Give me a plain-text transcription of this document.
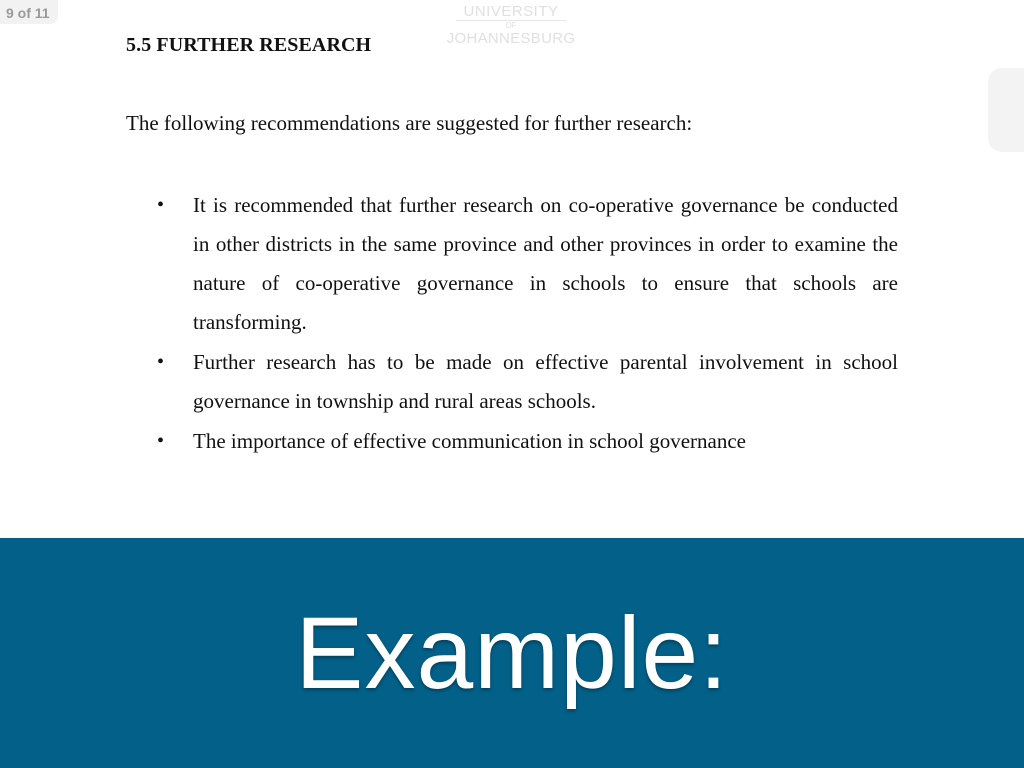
9 of 11	UNIVERSITY
OF
JOHANNESBURG
5.5 FURTHER RESEARCH

The following recommendations are suggested for further research:

• It is recommended that further research on co-operative governance be conducted in other districts in the same province and other provinces in order to examine the nature of co-operative governance in schools to ensure that schools are transforming.
• Further research has to be made on effective parental involvement in school governance in township and rural areas schools.
• The importance of effective communication in school governance
Example:
